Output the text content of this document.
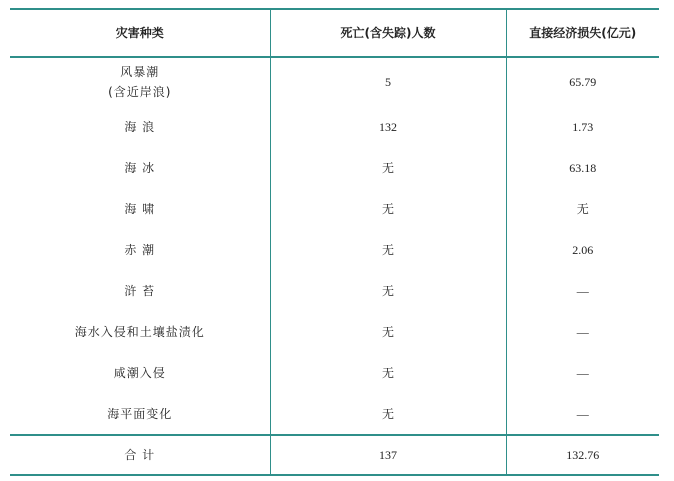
灾害种类	死亡(含失踪)人数	直接经济损失(亿元)

风暴潮
(含近岸浪)	5	65.79
海 浪	132	1.73
海 冰	无	63.18
海 啸	无	无
赤 潮	无	2.06
浒 苔	无	—
海水入侵和土壤盐渍化	无	—
咸潮入侵	无	—
海平面变化	无	—
合 计	137	132.76
